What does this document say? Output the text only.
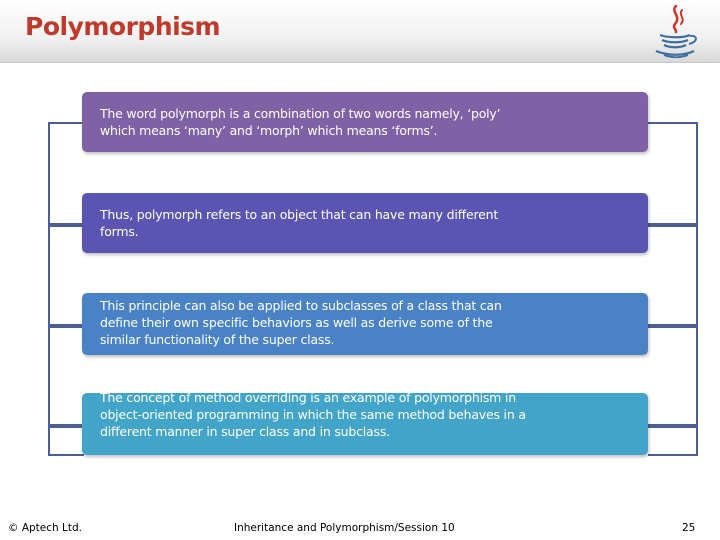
Polymorphism

The word polymorph is a combination of two words namely, ‘poly’ which means ‘many’ and ‘morph’ which means ‘forms’.

Thus, polymorph refers to an object that can have many different forms.

This principle can also be applied to subclasses of a class that can define their own specific behaviors as well as derive some of the similar functionality of the super class.

The concept of method overriding is an example of polymorphism in object-oriented programming in which the same method behaves in a different manner in super class and in subclass.

© Aptech Ltd.	Inheritance and Polymorphism/Session 10	25
